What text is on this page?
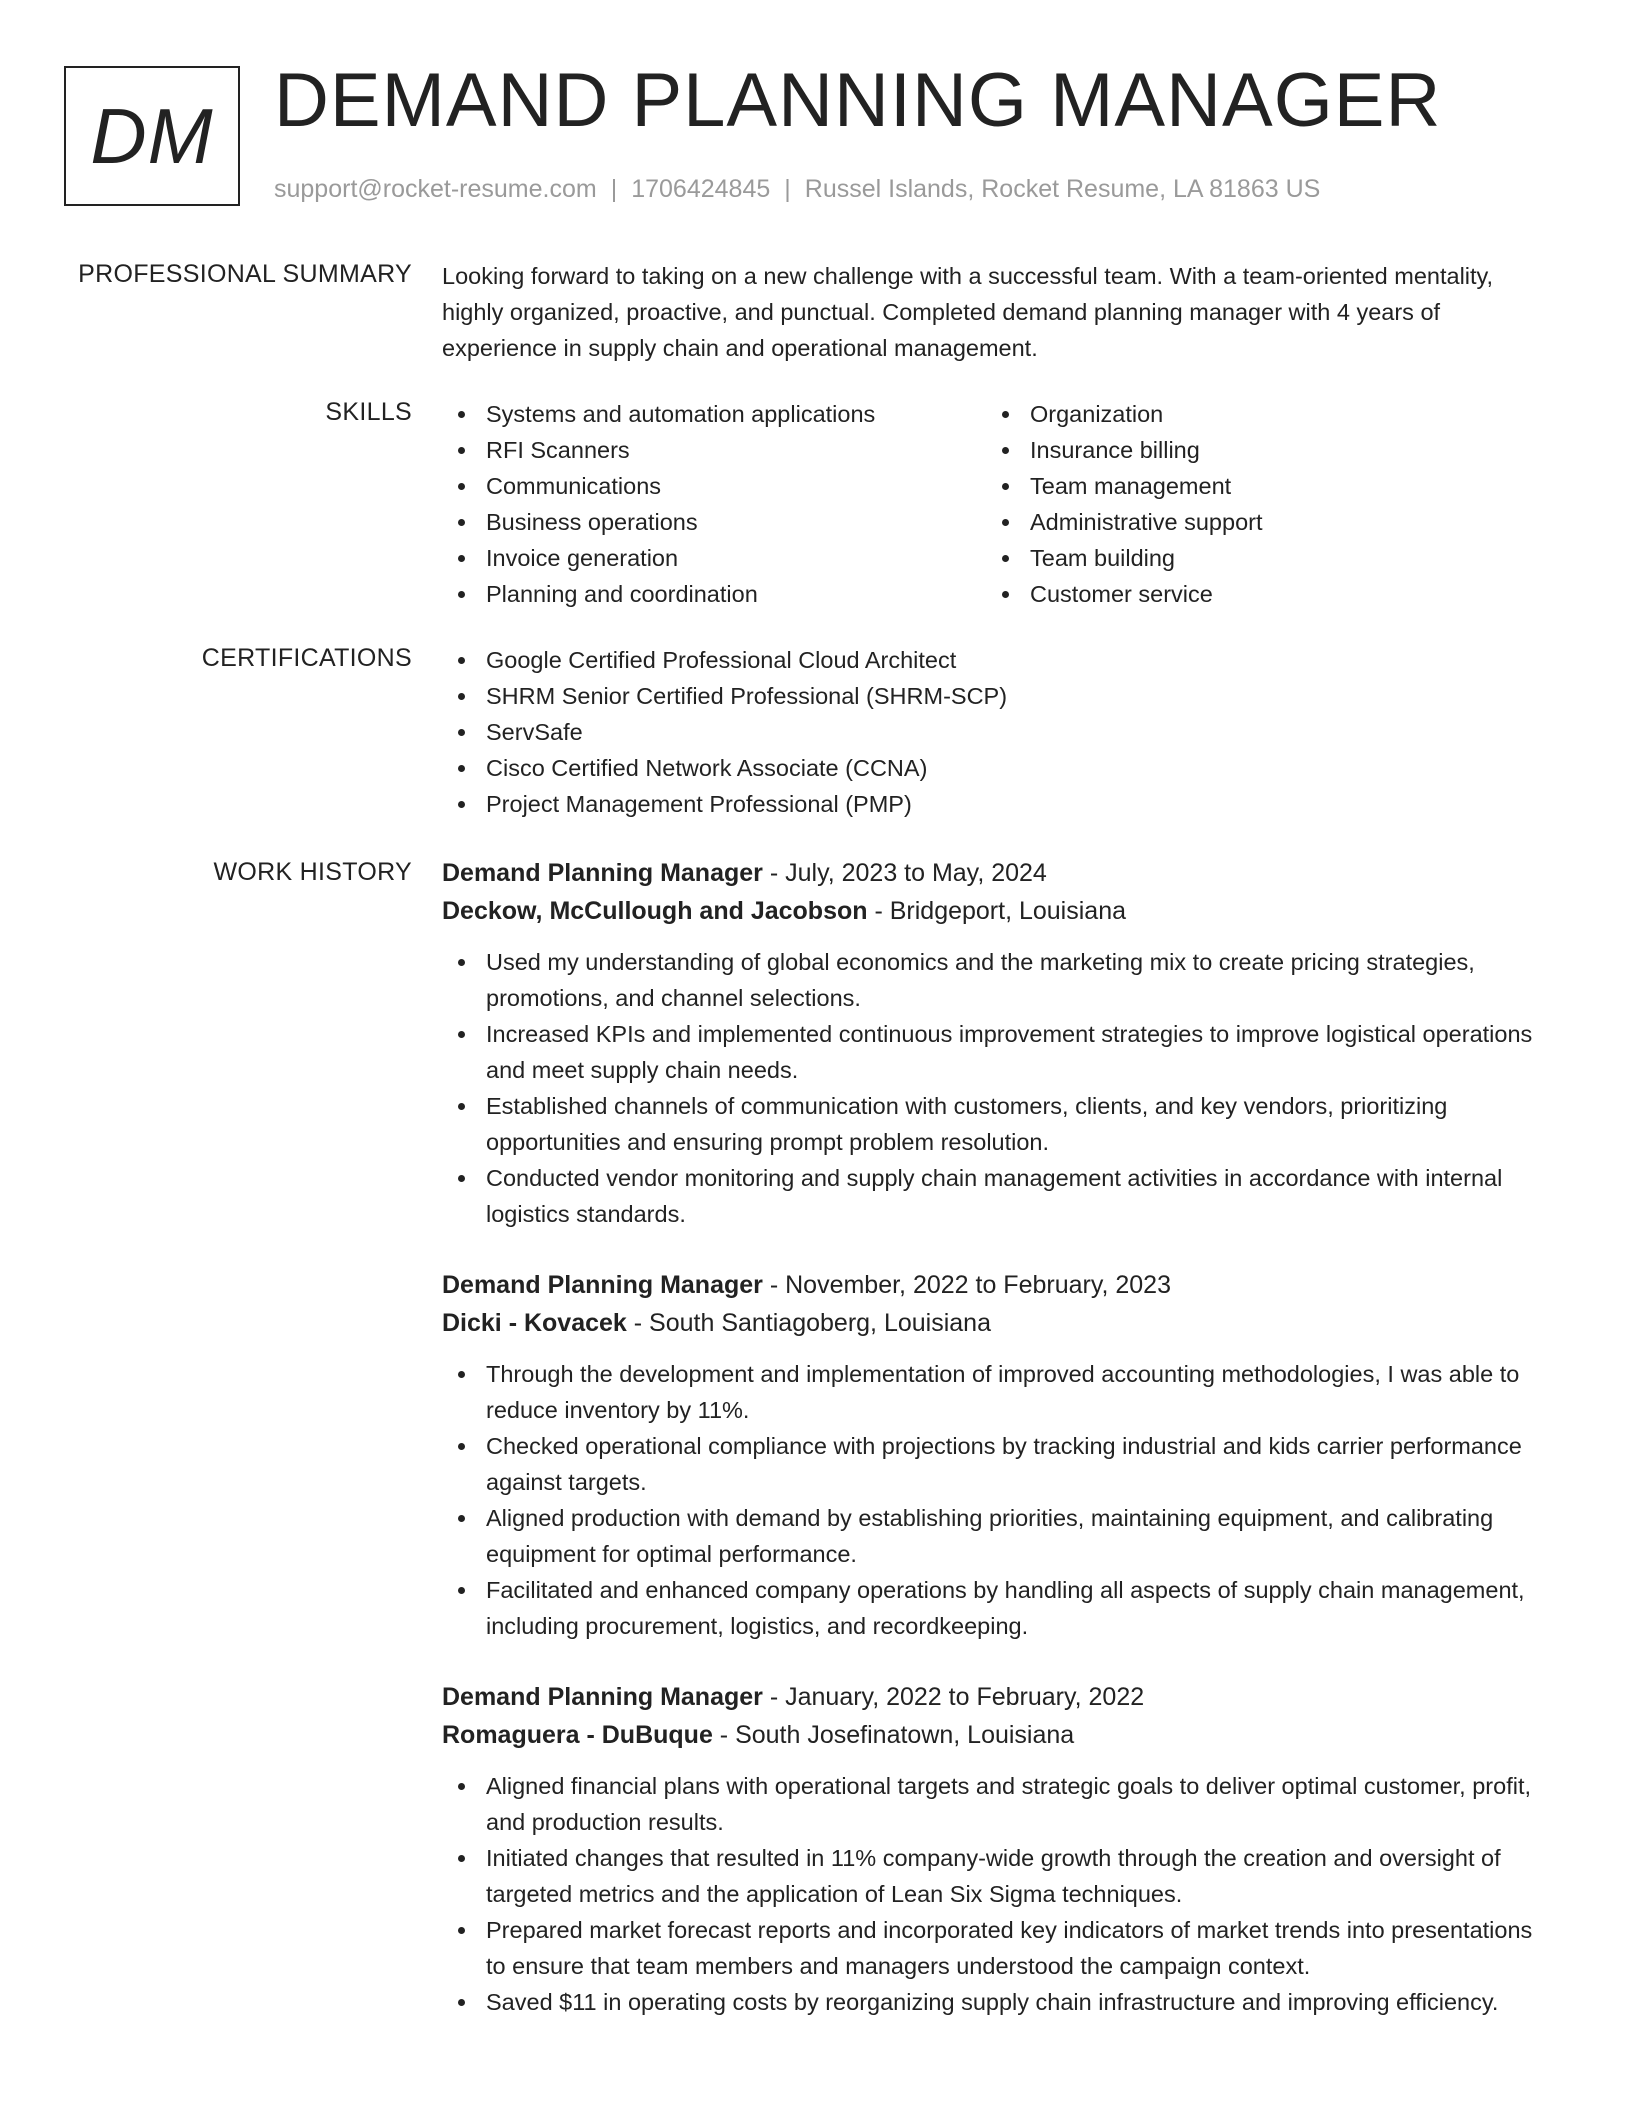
DM DEMAND PLANNING MANAGER
support@rocket-resume.com | 1706424845 | Russel Islands, Rocket Resume, LA 81863 US
PROFESSIONAL SUMMARY Looking forward to taking on a new challenge with a successful team. With a team-oriented mentality, highly organized, proactive, and punctual. Completed demand planning manager with 4 years of experience in supply chain and operational management.

SKILLS	Systems and automation applications
RFI Scanners
Communications
Business operations
Invoice generation
Planning and coordination
Organization
Insurance billing
Team management
Administrative support
Team building
Customer service
CERTIFICATIONS	Google Certified Professional Cloud Architect
SHRM Senior Certified Professional (SHRM-SCP)
ServSafe
Cisco Certified Network Associate (CCNA)
Project Management Professional (PMP)
WORK HISTORY Demand Planning Manager - July, 2023 to May, 2024
Deckow, McCullough and Jacobson - Bridgeport, Louisiana
Used my understanding of global economics and the marketing mix to create pricing strategies, promotions, and channel selections.
Increased KPIs and implemented continuous improvement strategies to improve logistical operations and meet supply chain needs.
Established channels of communication with customers, clients, and key vendors, prioritizing opportunities and ensuring prompt problem resolution.
Conducted vendor monitoring and supply chain management activities in accordance with internal logistics standards.
Demand Planning Manager - November, 2022 to February, 2023
Dicki - Kovacek - South Santiagoberg, Louisiana
Through the development and implementation of improved accounting methodologies, I was able to reduce inventory by 11%.
Checked operational compliance with projections by tracking industrial and kids carrier performance against targets.
Aligned production with demand by establishing priorities, maintaining equipment, and calibrating equipment for optimal performance.
Facilitated and enhanced company operations by handling all aspects of supply chain management, including procurement, logistics, and recordkeeping.
Demand Planning Manager - January, 2022 to February, 2022
Romaguera - DuBuque - South Josefinatown, Louisiana
Aligned financial plans with operational targets and strategic goals to deliver optimal customer, profit, and production results.
Initiated changes that resulted in 11% company-wide growth through the creation and oversight of targeted metrics and the application of Lean Six Sigma techniques.
Prepared market forecast reports and incorporated key indicators of market trends into presentations to ensure that team members and managers understood the campaign context.
Saved $11 in operating costs by reorganizing supply chain infrastructure and improving efficiency.
